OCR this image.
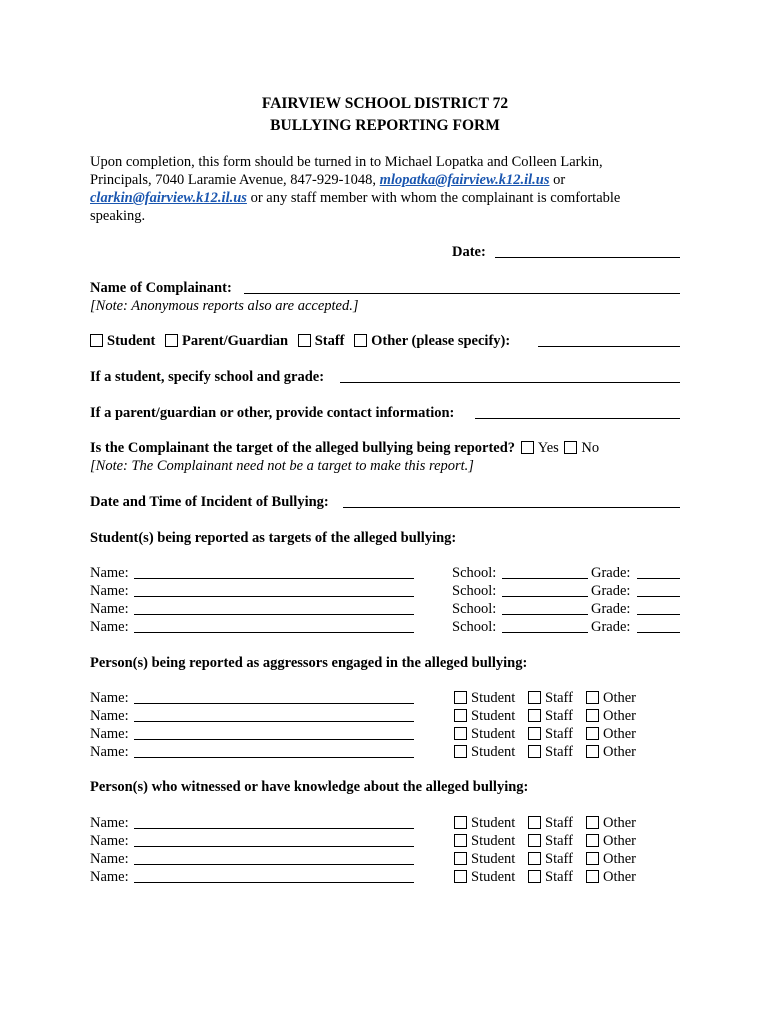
FAIRVIEW SCHOOL DISTRICT 72
BULLYING REPORTING FORM
Upon completion, this form should be turned in to Michael Lopatka and Colleen Larkin,
Principals, 7040 Laramie Avenue, 847-929-1048, mlopatka@fairview.k12.il.us or
clarkin@fairview.k12.il.us or any staff member with whom the complainant is comfortable
speaking.
Date:
Name of Complainant:
[Note: Anonymous reports also are accepted.]
Student Parent/Guardian Staff Other (please specify):
If a student, specify school and grade:
If a parent/guardian or other, provide contact information:
Is the Complainant the target of the alleged bullying being reported? Yes No
[Note: The Complainant need not be a target to make this report.]
Date and Time of Incident of Bullying:
Student(s) being reported as targets of the alleged bullying:
Person(s) being reported as aggressors engaged in the alleged bullying:
Person(s) who witnessed or have knowledge about the alleged bullying:
Name:	School:	Grade:
Name:	School:	Grade:
Name:	School:	Grade:
Name:	School:	Grade:
Name:	Student	Staff	Other
Name:	Student	Staff	Other
Name:	Student	Staff	Other
Name:	Student	Staff	Other
Name:	Student	Staff	Other
Name:	Student	Staff	Other
Name:	Student	Staff	Other
Name:	Student	Staff	Other
